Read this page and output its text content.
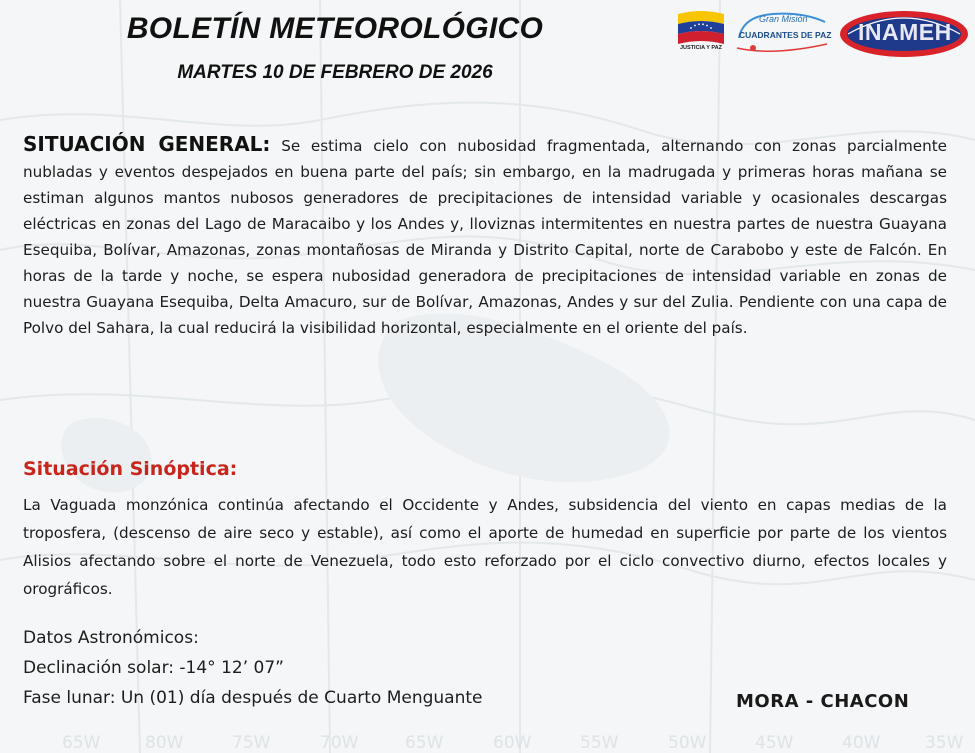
65W	80W	75W	70W	65W	60W	55W	50W	45W	40W	35W
BOLETÍN METEOROLÓGICO
MARTES 10 DE FEBRERO DE 2026
JUSTICIA Y PAZ
Gran Misión
CUADRANTES DE PAZ INAMEH
SITUACIÓN GENERAL: Se estima cielo con nubosidad fragmentada, alternando con zonas parcialmente nubladas y eventos despejados en buena parte del país; sin embargo, en la madrugada y primeras horas mañana se estiman algunos mantos nubosos generadores de precipitaciones de intensidad variable y ocasionales descargas eléctricas en zonas del Lago de Maracaibo y los Andes y, lloviznas intermitentes en nuestra partes de nuestra Guayana Esequiba, Bolívar, Amazonas, zonas montañosas de Miranda y Distrito Capital, norte de Carabobo y este de Falcón. En horas de la tarde y noche, se espera nubosidad generadora de precipitaciones de intensidad variable en zonas de nuestra Guayana Esequiba, Delta Amacuro, sur de Bolívar, Amazonas, Andes y sur del Zulia. Pendiente con una capa de Polvo del Sahara, la cual reducirá la visibilidad horizontal, especialmente en el oriente del país.
Situación Sinóptica:
La Vaguada monzónica continúa afectando el Occidente y Andes, subsidencia del viento en capas medias de la troposfera, (descenso de aire seco y estable), así como el aporte de humedad en superficie por parte de los vientos Alisios afectando sobre el norte de Venezuela, todo esto reforzado por el ciclo convectivo diurno, efectos locales y orográficos.
Datos Astronómicos:
Declinación solar: -14° 12’ 07”
Fase lunar: Un (01) día después de Cuarto Menguante	MORA - CHACON
